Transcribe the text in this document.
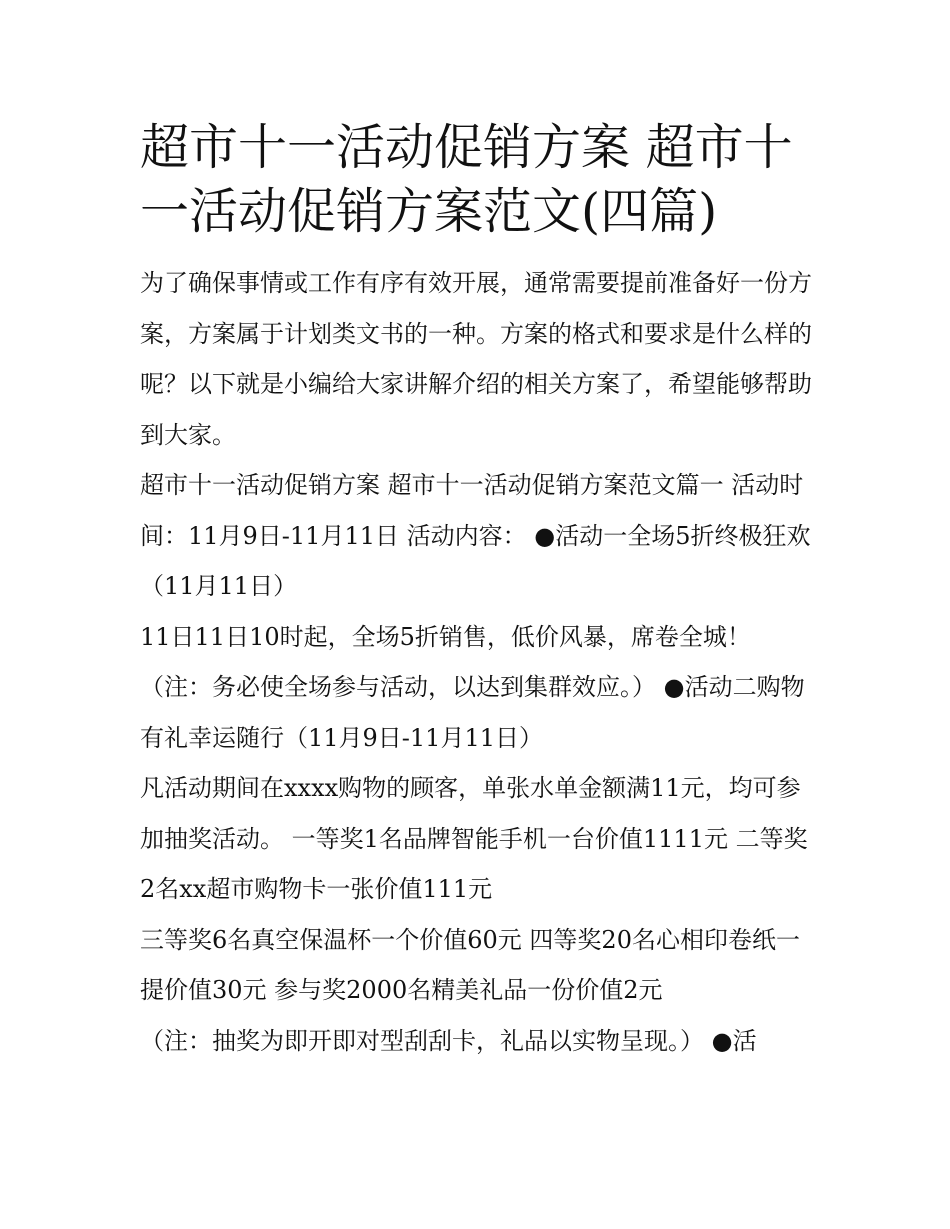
超市十一活动促销方案 超市十一活动促销方案范文(四篇)

为了确保事情或工作有序有效开展，通常需要提前准备好一份方案，方案属于计划类文书的一种。方案的格式和要求是什么样的呢？以下就是小编给大家讲解介绍的相关方案了，希望能够帮助到大家。

超市十一活动促销方案 超市十一活动促销方案范文篇一 活动时间：11月9日-11月11日 活动内容： ●活动一全场5折终极狂欢（11月11日）

11日11日10时起，全场5折销售，低价风暴，席卷全城！（注：务必使全场参与活动，以达到集群效应。） ●活动二购物有礼幸运随行（11月9日-11月11日）

凡活动期间在xxxx购物的顾客，单张水单金额满11元，均可参加抽奖活动。 一等奖1名品牌智能手机一台价值1111元 二等奖2名xx超市购物卡一张价值111元

三等奖6名真空保温杯一个价值60元 四等奖20名心相印卷纸一提价值30元 参与奖2000名精美礼品一份价值2元

（注：抽奖为即开即对型刮刮卡，礼品以实物呈现。） ●活
